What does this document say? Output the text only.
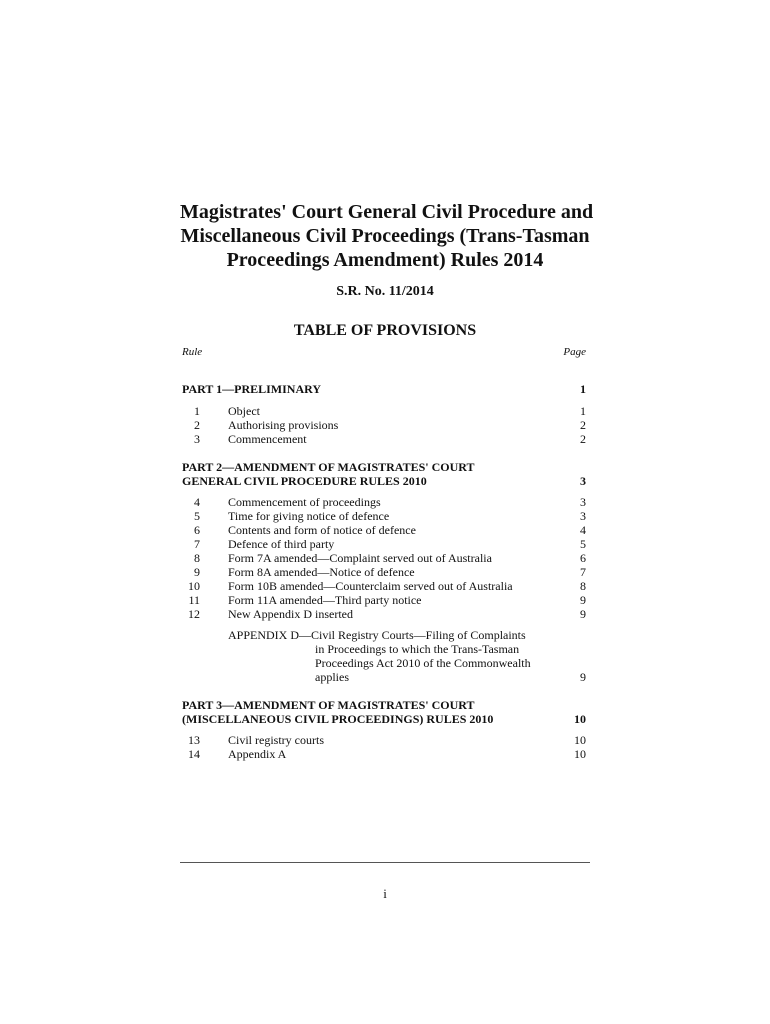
Magistrates' Court General Civil Procedure and
Miscellaneous Civil Proceedings (Trans-Tasman
Proceedings Amendment) Rules 2014
S.R. No. 11/2014
TABLE OF PROVISIONS
Rule	Page
PART 1—PRELIMINARY	1
1 Object	1
2 Authorising provisions	2
3 Commencement	2
PART 2—AMENDMENT OF MAGISTRATES' COURT
GENERAL CIVIL PROCEDURE RULES 2010	3
4 Commencement of proceedings	3
5 Time for giving notice of defence	3
6 Contents and form of notice of defence	4
7 Defence of third party	5
8 Form 7A amended—Complaint served out of Australia	6
9 Form 8A amended—Notice of defence	7
10 Form 10B amended—Counterclaim served out of Australia	8
11 Form 11A amended—Third party notice	9
12 New Appendix D inserted	9
APPENDIX D—Civil Registry Courts—Filing of Complaints
in Proceedings to which the Trans-Tasman
Proceedings Act 2010 of the Commonwealth
applies	9
PART 3—AMENDMENT OF MAGISTRATES' COURT
(MISCELLANEOUS CIVIL PROCEEDINGS) RULES 2010	10
13 Civil registry courts	10
14 Appendix A	10
i
